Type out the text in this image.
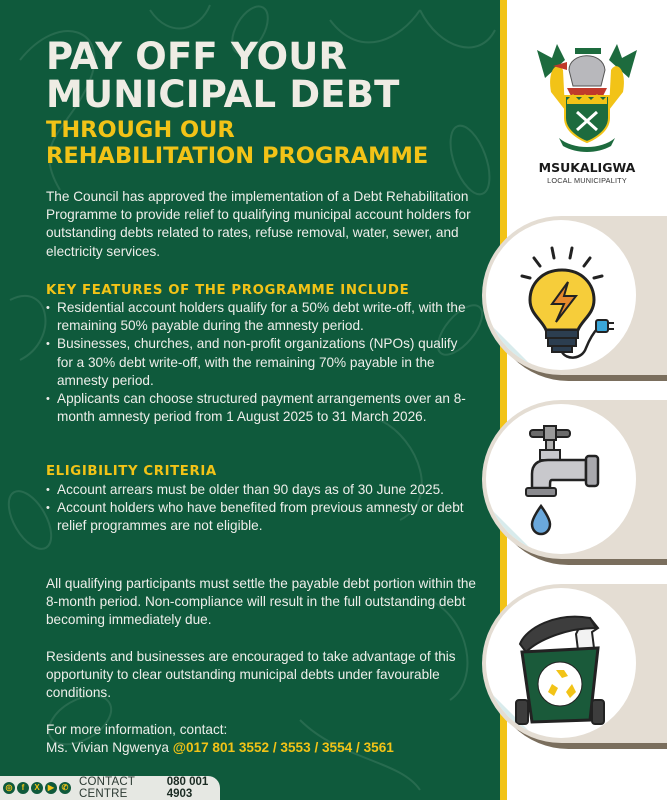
PAY OFF YOUR
MUNICIPAL DEBT
THROUGH OUR
REHABILITATION PROGRAMME

The Council has approved the implementation of a Debt Rehabilitation Programme to provide relief to qualifying municipal account holders for outstanding debts related to rates, refuse removal, water, sewer, and electricity services.

KEY FEATURES OF THE PROGRAMME INCLUDE
• Residential account holders qualify for a 50% debt write-off, with the remaining 50% payable during the amnesty period.
• Businesses, churches, and non-profit organizations (NPOs) qualify for a 30% debt write-off, with the remaining 70% payable in the amnesty period.
• Applicants can choose structured payment arrangements over an 8-month amnesty period from 1 August 2025 to 31 March 2026.
ELIGIBILITY CRITERIA
• Account arrears must be older than 90 days as of 30 June 2025.
• Account holders who have benefited from previous amnesty or debt relief programmes are not eligible.

All qualifying participants must settle the payable debt portion within the 8-month period. Non-compliance will result in the full outstanding debt becoming immediately due.

Residents and businesses are encouraged to take advantage of this opportunity to clear outstanding municipal debts under favourable conditions.

For more information, contact:
Ms. Vivian Ngwenya @017 801 3552 / 3553 / 3554 / 3561
◎	f	X	▶ ✆ CONTACT CENTRE
080 001 4903
MSUKALIGWA
LOCAL MUNICIPALITY
